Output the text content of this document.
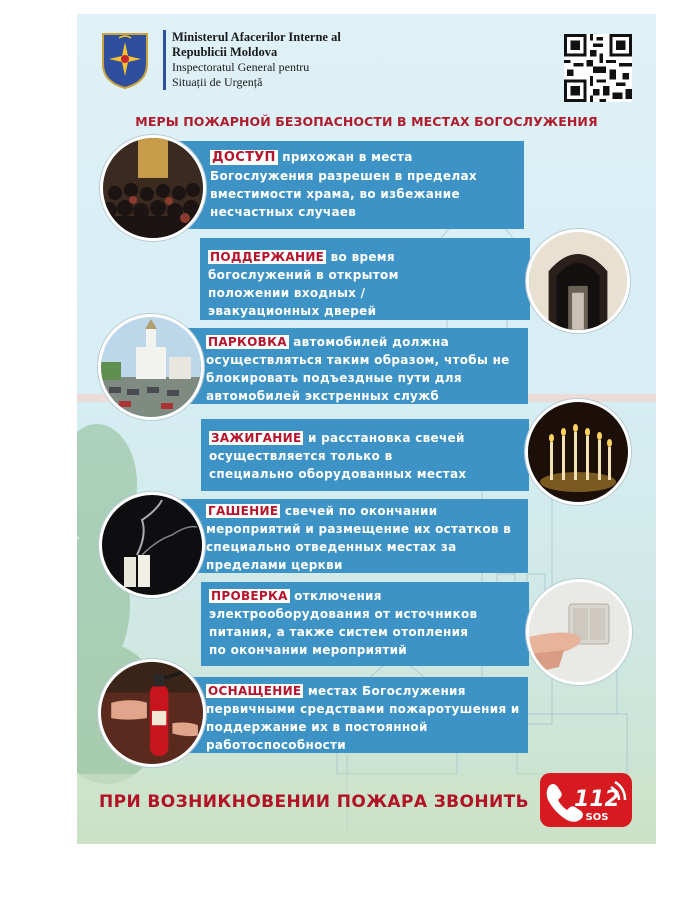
Ministerul Afacerilor Interne al

Republicii Moldova

Inspectoratul General pentru

Situații de Urgență

МЕРЫ ПОЖАРНОЙ БЕЗОПАСНОСТИ В МЕСТАХ БОГОСЛУЖЕНИЯ
ДОСТУП прихожан в места Богослужения разрешен в пределах вместимости храма, во избежание несчастных случаев
ПОДДЕРЖАНИЕ во время богослужений в открытом положении входных / эвакуационных дверей
ПАРКОВКА автомобилей должна осуществляться таким образом, чтобы не блокировать подъездные пути для автомобилей экстренных служб
ЗАЖИГАНИЕ и расстановка свечей осуществляется только в специально оборудованных местах
ГАШЕНИЕ свечей по окончании мероприятий и размещение их остатков в специально отведенных местах за пределами церкви
ПРОВЕРКА отключения электрооборудования от источников питания, а также систем отопления по окончании мероприятий
ОСНАЩЕНИЕ местах Богослужения первичными средствами пожаротушения и поддержание их в постоянной работоспособности
ПРИ ВОЗНИКНОВЕНИИ ПОЖАРА ЗВОНИТЬ 112
SOS
